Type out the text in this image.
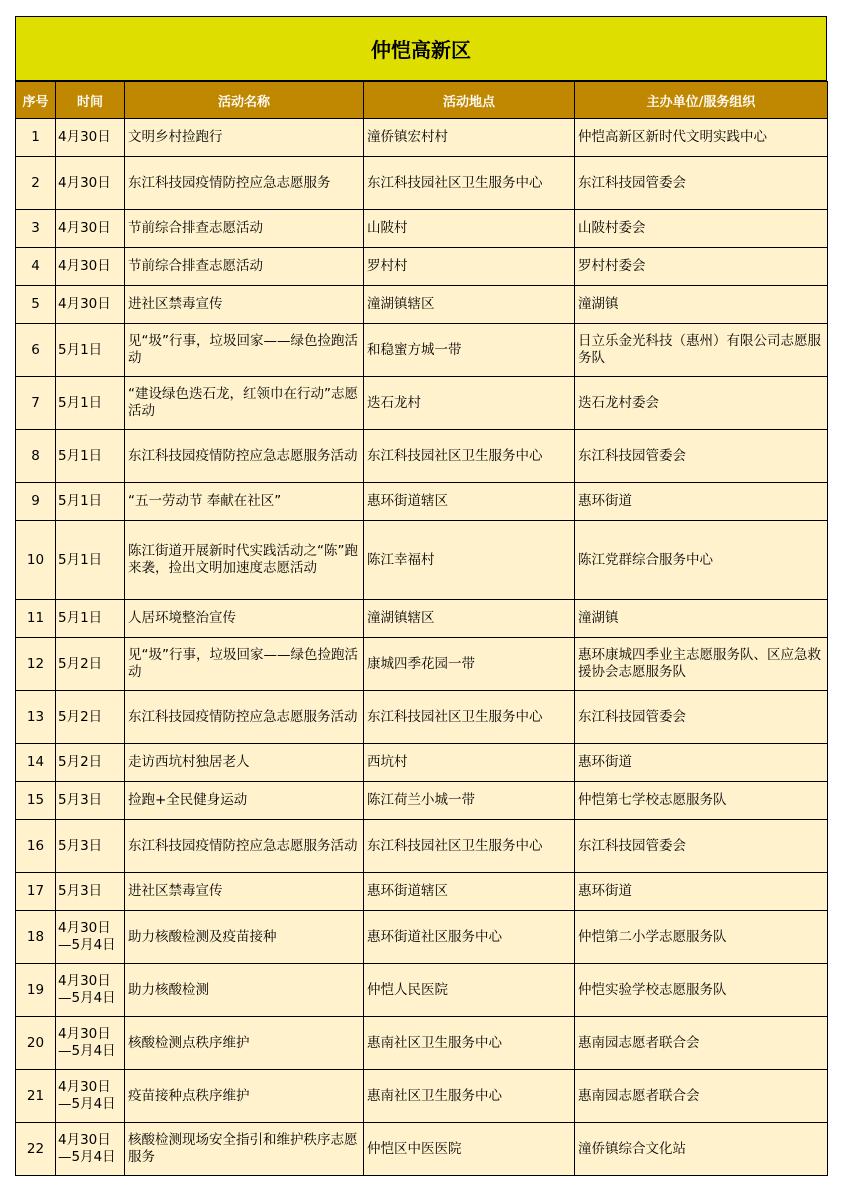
仲恺高新区
序号	时间	活动名称	活动地点	主办单位/服务组织
1	4月30日	文明乡村捡跑行	潼侨镇宏村村	仲恺高新区新时代文明实践中心
2	4月30日	东江科技园疫情防控应急志愿服务	东江科技园社区卫生服务中心	东江科技园管委会
3	4月30日	节前综合排查志愿活动	山陂村	山陂村委会
4	4月30日	节前综合排查志愿活动	罗村村	罗村村委会
5	4月30日	进社区禁毒宣传	潼湖镇辖区	潼湖镇
6	5月1日	见“圾”行事，垃圾回家——绿色捡跑活动	和稳蜜方城一带	日立乐金光科技（惠州）有限公司志愿服务队
7	5月1日	“建设绿色迭石龙，红领巾在行动”志愿活动	迭石龙村	迭石龙村委会
8	5月1日	东江科技园疫情防控应急志愿服务活动	东江科技园社区卫生服务中心	东江科技园管委会
9	5月1日	“五一劳动节 奉献在社区”	惠环街道辖区	惠环街道
10	5月1日	陈江街道开展新时代实践活动之“陈”跑来袭，捡出文明加速度志愿活动	陈江幸福村	陈江党群综合服务中心
11	5月1日	人居环境整治宣传	潼湖镇辖区	潼湖镇
12	5月2日	见“圾”行事，垃圾回家——绿色捡跑活动	康城四季花园一带	惠环康城四季业主志愿服务队、区应急救援协会志愿服务队
13	5月2日	东江科技园疫情防控应急志愿服务活动	东江科技园社区卫生服务中心	东江科技园管委会
14	5月2日	走访西坑村独居老人	西坑村	惠环街道
15	5月3日	捡跑+全民健身运动	陈江荷兰小城一带	仲恺第七学校志愿服务队
16	5月3日	东江科技园疫情防控应急志愿服务活动	东江科技园社区卫生服务中心	东江科技园管委会
17	5月3日	进社区禁毒宣传	惠环街道辖区	惠环街道
18	4月30日—5月4日	助力核酸检测及疫苗接种	惠环街道社区服务中心	仲恺第二小学志愿服务队
19	4月30日—5月4日	助力核酸检测	仲恺人民医院	仲恺实验学校志愿服务队
20	4月30日—5月4日	核酸检测点秩序维护	惠南社区卫生服务中心	惠南园志愿者联合会
21	4月30日—5月4日	疫苗接种点秩序维护	惠南社区卫生服务中心	惠南园志愿者联合会
22	4月30日—5月4日	核酸检测现场安全指引和维护秩序志愿服务	仲恺区中医医院	潼侨镇综合文化站
